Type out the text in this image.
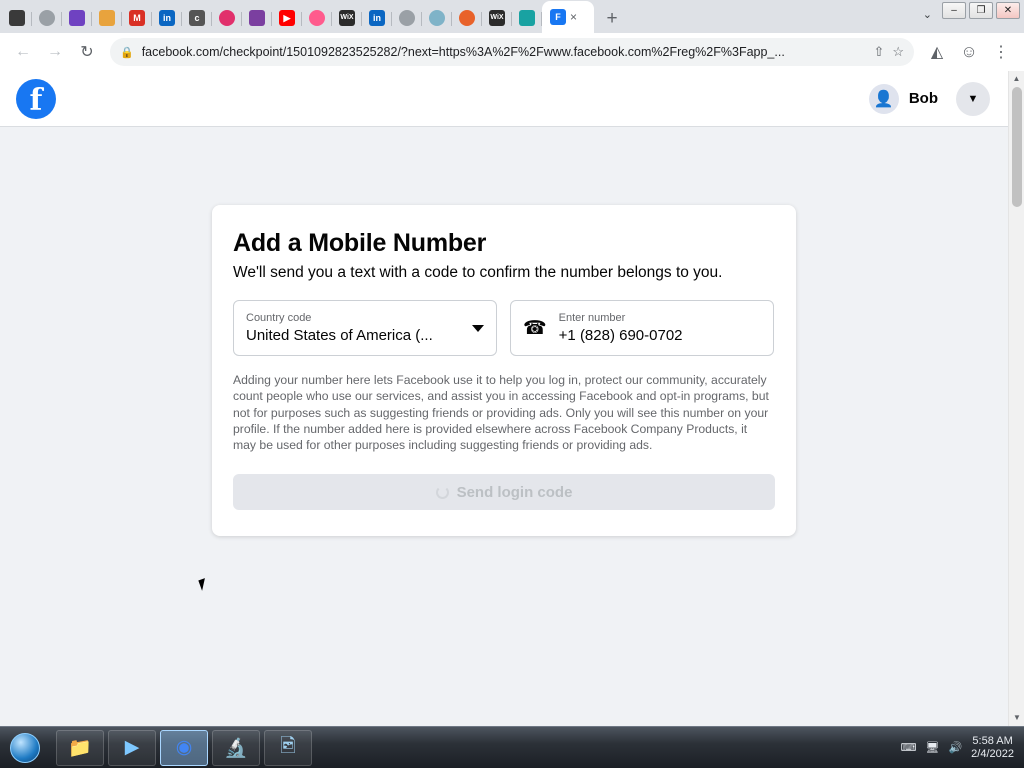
M	in	c	▶	WiX	in	WiX	F ×	+	⌄	–	❐	✕
←	→	↻	🔒 facebook.com/checkpoint/1501092823525282/?next=https%3A%2F%2Fwww.facebook.com%2Freg%2F%3Fapp_...	⇧ ☆	◭	☺ ⋮
f	👤	Bob	▼
Add a Mobile Number
We'll send you a text with a code to confirm the number belongs to you.
Country code
United States of America (...	☎ Enter number
+1 (828) 690-0702
Adding your number here lets Facebook use it to help you log in, protect our community, accurately count people who use our services, and assist you in accessing Facebook and opt-in programs, but not for purposes such as suggesting friends or providing ads. Only you will see this number on your profile. If the number added here is provided elsewhere across Facebook Company Products, it may be used for other purposes including suggesting friends or providing ads.
Send login code
▲
▼
📁	▶	◉	🔬	🖻	⌨ 🖥 🔊
5:58 AM
2/4/2022
